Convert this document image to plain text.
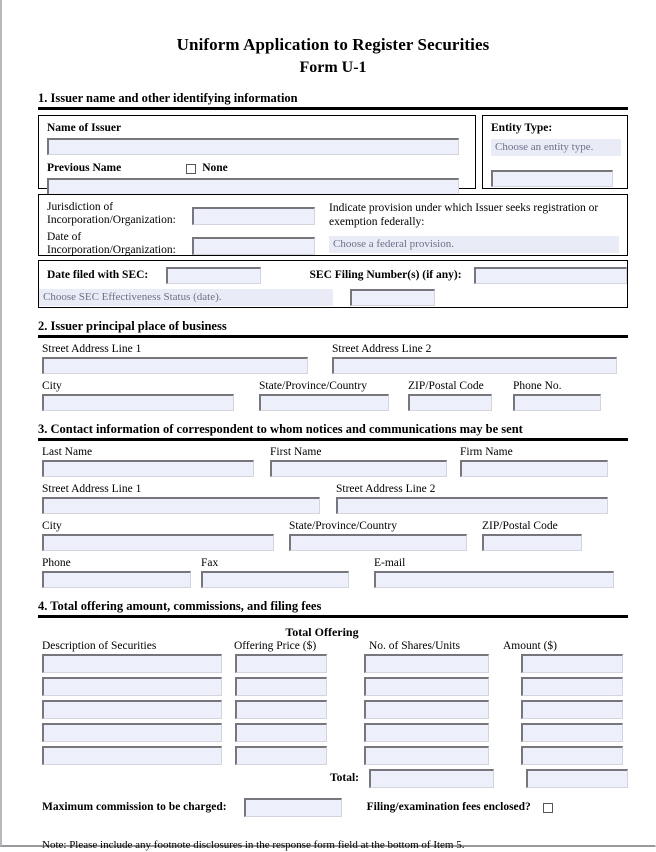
Uniform Application to Register Securities
Form U-1
1. Issuer name and other identifying information
Name of Issuer
Previous Name	None
Entity Type:
Choose an entity type.
Jurisdiction of Incorporation/Organization:
Date of Incorporation/Organization:
Indicate provision under which Issuer seeks registration or exemption federally:
Choose a federal provision.
Date filed with SEC:	SEC Filing Number(s) (if any):
Choose SEC Effectiveness Status (date).
2. Issuer principal place of business
Street Address Line 1	Street Address Line 2
City	State/Province/Country	ZIP/Postal Code	Phone No.
3. Contact information of correspondent to whom notices and communications may be sent
Last Name	First Name	Firm Name
Street Address Line 1	Street Address Line 2
City	State/Province/Country	ZIP/Postal Code
Phone	Fax	E-mail
4. Total offering amount, commissions, and filing fees
Total Offering
Description of Securities	Offering Price ($)	No. of Shares/Units	Amount ($)
Total:
Maximum commission to be charged:	Filing/examination fees enclosed?
Note: Please include any footnote disclosures in the response form field at the bottom of Item 5.
